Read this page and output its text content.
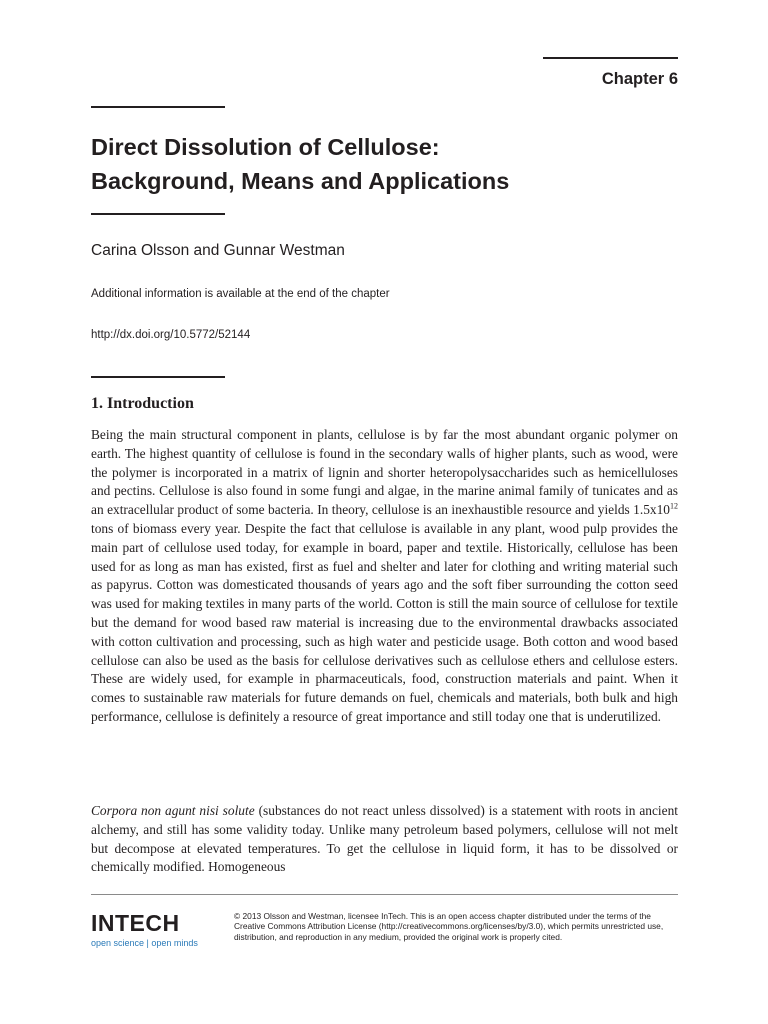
Chapter 6
Direct Dissolution of Cellulose:
Background, Means and Applications
Carina Olsson and Gunnar Westman
Additional information is available at the end of the chapter
http://dx.doi.org/10.5772/52144
1. Introduction

Being the main structural component in plants, cellulose is by far the most abundant organic polymer on earth. The highest quantity of cellulose is found in the secondary walls of higher plants, such as wood, were the polymer is incorporated in a matrix of lignin and shorter heteropolysaccharides such as hemicelluloses and pectins. Cellulose is also found in some fungi and algae, in the marine animal family of tunicates and as an extracellular product of some bacteria. In theory, cellulose is an inexhaustible resource and yields $1.5x10^{12}$ tons of biomass every year. Despite the fact that cellulose is available in any plant, wood pulp provides the main part of cellulose used today, for example in board, paper and textile. Historically, cellulose has been used for as long as man has existed, first as fuel and shelter and later for clothing and writing material such as papyrus. Cotton was domesticated thousands of years ago and the soft fiber surrounding the cotton seed was used for making textiles in many parts of the world. Cotton is still the main source of cellulose for textile but the demand for wood based raw material is increasing due to the environmental drawbacks associated with cotton cultivation and processing, such as high water and pesticide usage. Both cotton and wood based cellulose can also be used as the basis for cellulose derivatives such as cellulose ethers and cellulose esters. These are widely used, for example in pharmaceuticals, food, construction materials and paint. When it comes to sustainable raw materials for future demands on fuel, chemicals and materials, both bulk and high performance, cellulose is definitely a resource of great importance and still today one that is underutilized.

Corpora non agunt nisi solute (substances do not react unless dissolved) is a statement with roots in ancient alchemy, and still has some validity today. Unlike many petroleum based polymers, cellulose will not melt but decompose at elevated temperatures. To get the cellulose in liquid form, it has to be dissolved or chemically modified. Homogeneous

INTECH
open science | open minds
© 2013 Olsson and Westman, licensee InTech. This is an open access chapter distributed under the terms of the Creative Commons Attribution License (http://creativecommons.org/licenses/by/3.0), which permits unrestricted use, distribution, and reproduction in any medium, provided the original work is properly cited.
